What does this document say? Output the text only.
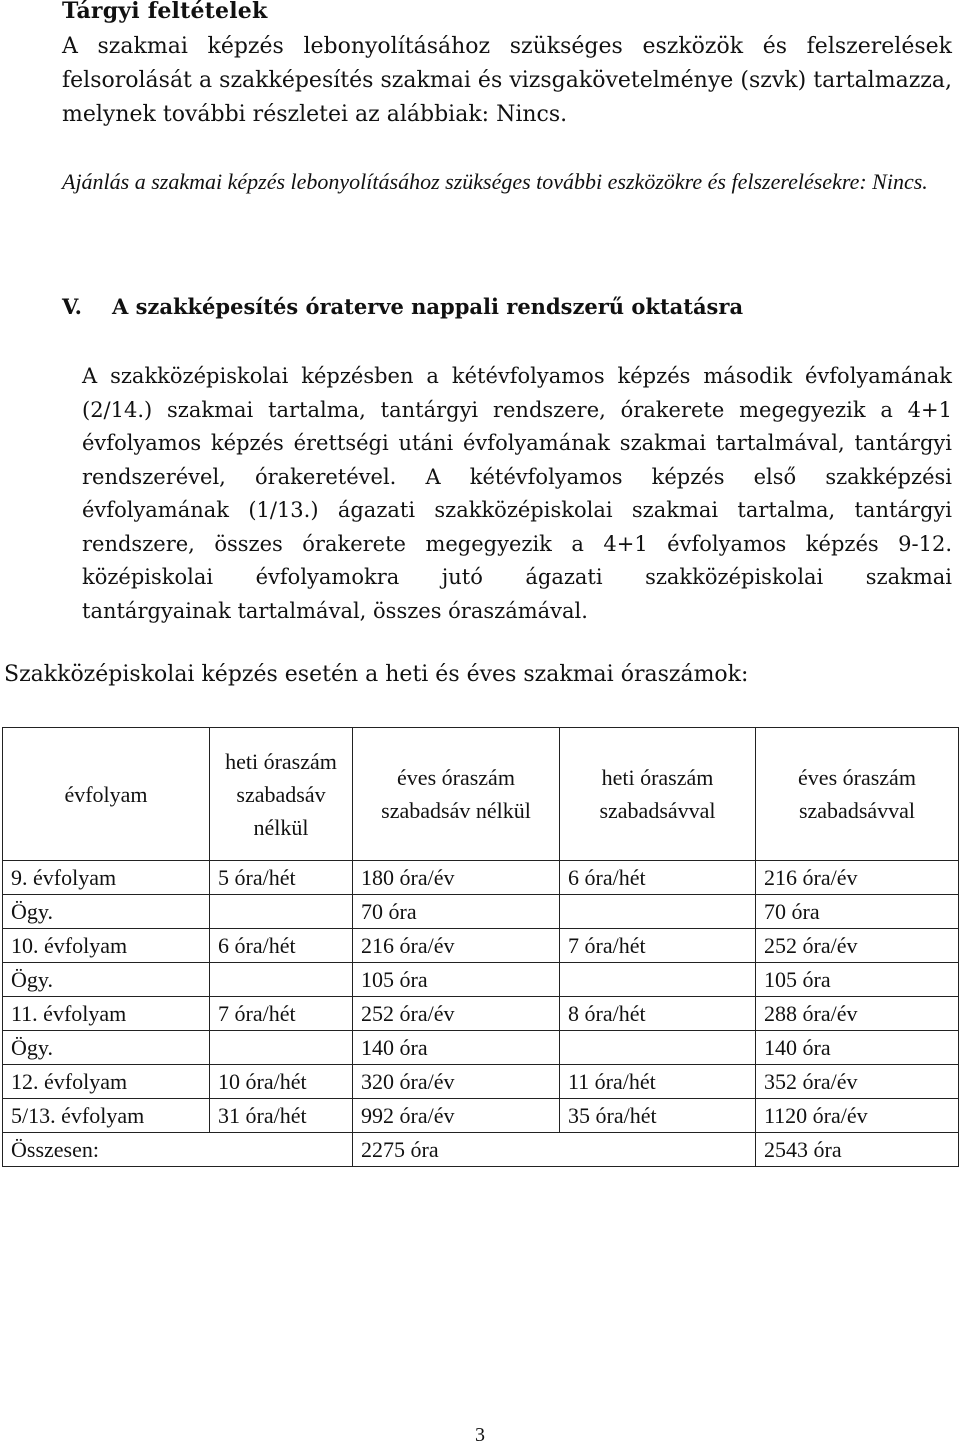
Tárgyi feltételek
A szakmai képzés lebonyolításához szükséges eszközök és felszerelések
felsorolását a szakképesítés szakmai és vizsgakövetelménye (szvk) tartalmazza,
melynek további részletei az alábbiak: Nincs.
Ajánlás a szakmai képzés lebonyolításához szükséges további eszközökre és felszerelésekre: Nincs.
V. A szakképesítés óraterve nappali rendszerű oktatásra
A szakközépiskolai képzésben a kétévfolyamos képzés második évfolyamának
(2/14.) szakmai tartalma, tantárgyi rendszere, órakerete megegyezik a 4+1
évfolyamos képzés érettségi utáni évfolyamának szakmai tartalmával, tantárgyi
rendszerével, órakeretével. A kétévfolyamos képzés első szakképzési
évfolyamának (1/13.) ágazati szakközépiskolai szakmai tartalma, tantárgyi
rendszere, összes órakerete megegyezik a 4+1 évfolyamos képzés 9-12.
középiskolai évfolyamokra jutó ágazati szakközépiskolai szakmai
tantárgyainak tartalmával, összes óraszámával.
Szakközépiskolai képzés esetén a heti és éves szakmai óraszámok:
évfolyam	heti óraszám szabadsáv nélkül	éves óraszám szabadsáv nélkül	heti óraszám szabadsávval	éves óraszám szabadsávval
9. évfolyam	5 óra/hét	180 óra/év	6 óra/hét	216 óra/év
Ögy.		70 óra		70 óra
10. évfolyam	6 óra/hét	216 óra/év	7 óra/hét	252 óra/év
Ögy.		105 óra		105 óra
11. évfolyam	7 óra/hét	252 óra/év	8 óra/hét	288 óra/év
Ögy.		140 óra		140 óra
12. évfolyam	10 óra/hét	320 óra/év	11 óra/hét	352 óra/év
5/13. évfolyam	31 óra/hét	992 óra/év	35 óra/hét	1120 óra/év
Összesen:		2275 óra		2543 óra
3
